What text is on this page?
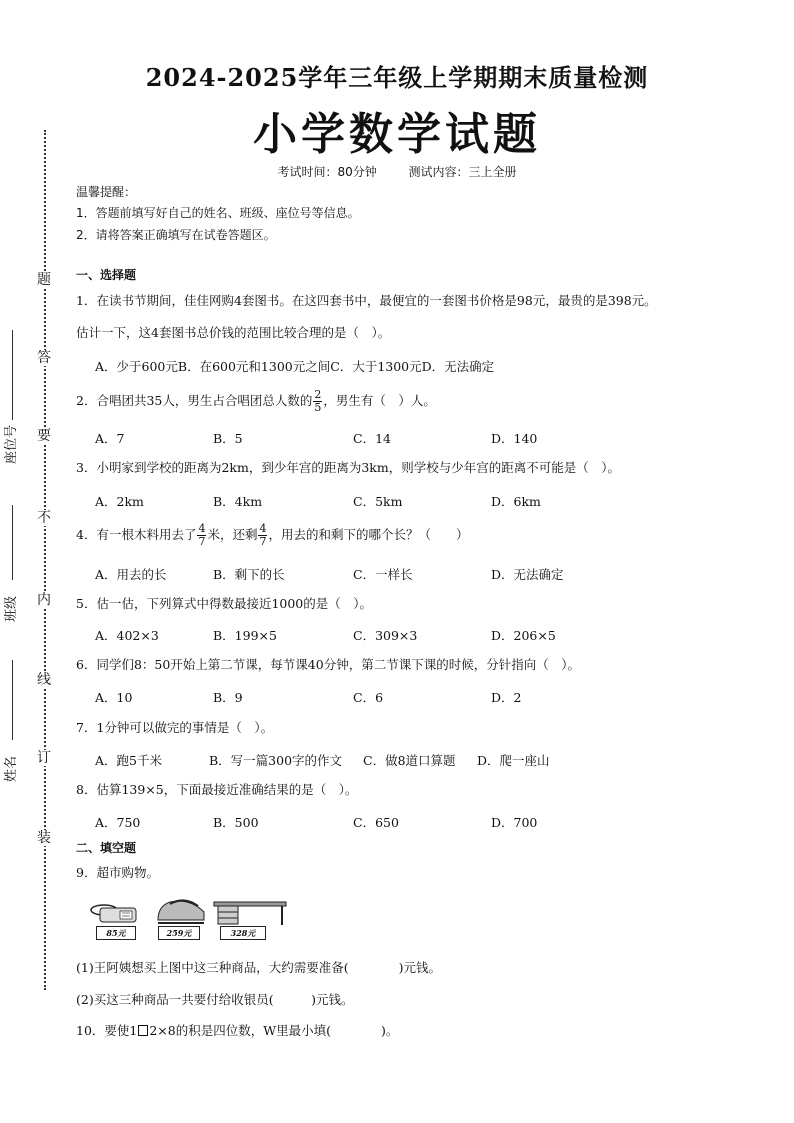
2024-2025学年三年级上学期期末质量检测
小学数学试题
考试时间：80分钟	测试内容：三上全册
温馨提醒：
1．答题前填写好自己的姓名、班级、座位号等信息。
2．请将答案正确填写在试卷答题区。
题
答
要
不
内
线
订
装
座位号
班级
姓名
一、选择题
1．在读书节期间，佳佳网购4套图书。在这四套书中，最便宜的一套图书价格是98元，最贵的是398元。
估计一下，这4套图书总价钱的范围比较合理的是（　）。
A．少于600元B．在600元和1300元之间C．大于1300元D．无法确定
2．合唱团共35人，男生占合唱团总人数的 $\frac{2}{5}$ ，男生有（　）人。
A．7	B．5	C．14	D．140
3．小明家到学校的距离为2km，到少年宫的距离为3km，则学校与少年宫的距离不可能是（　）。
A．2km	B．4km	C．5km	D．6km
4．有一根木料用去了 $\frac{4}{7}$ 米，还剩 $\frac{4}{7}$ ，用去的和剩下的哪个长？（　　）
A．用去的长	B．剩下的长	C．一样长	D．无法确定
5．估一估，下列算式中得数最接近1000的是（　）。
A．402×3	B．199×5	C．309×3	D．206×5
6．同学们8：50开始上第二节课，每节课40分钟，第二节课下课的时候，分针指向（　）。
A．10	B．9	C．6	D．2
7．1分钟可以做完的事情是（　）。
A．跑5千米	B．写一篇300字的作文 C．做8道口算题 D．爬一座山
8．估算139×5，下面最接近准确结果的是（　）。
A．750	B．500	C．650	D．700
二、填空题
9．超市购物。
85元	259元	328元
(1)王阿姨想买上图中这三种商品，大约需要准备(　　　　)元钱。
(2)买这三种商品一共要付给收银员(　　　)元钱。
10．要使1 2×8的积是四位数，W里最小填(　　　　)。
